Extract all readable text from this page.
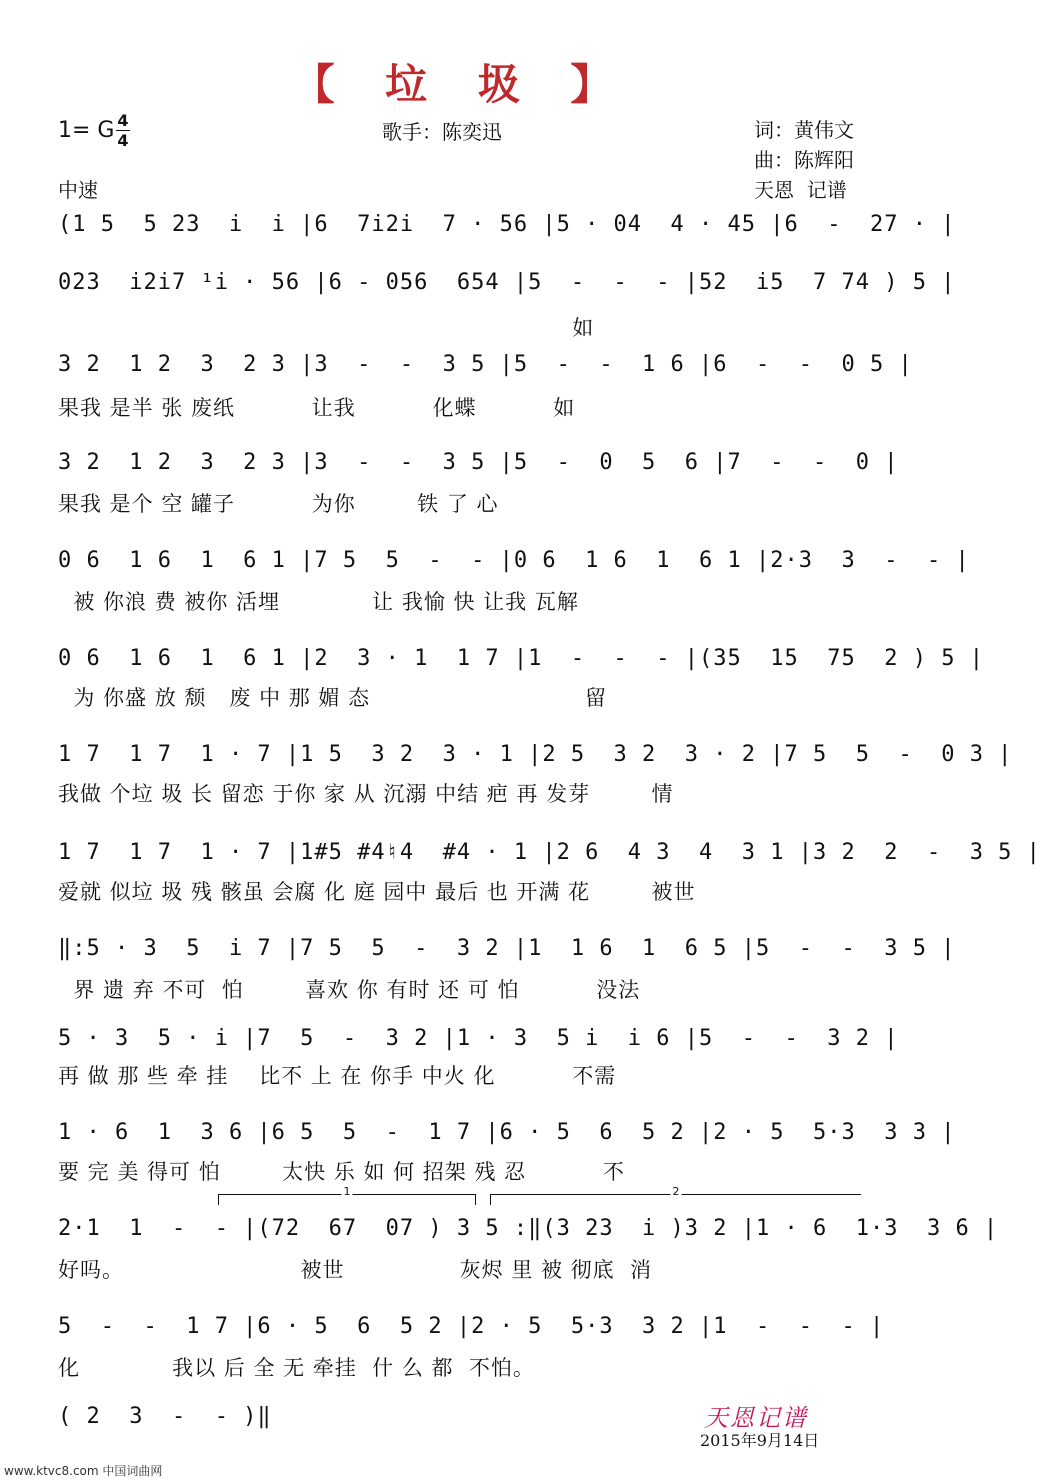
【 垃 圾 】
1= G 4
4	歌手：陈奕迅	词：黄伟文
曲：陈辉阳
天恩  记谱
中速
(1 5  5 23  i  i |6  7i2i  7 · 56 |5 · 04  4 · 45 |6  -  27 · |
023  i2i7 ¹i · 56 |6 - 056  654 |5  -  -  - |52  i5  7 74 ) 5 |
如
3 2  1 2  3  2 3 |3  -  -  3 5 |5  -  -  1 6 |6  -  -  0 5 |
果我 是半 张 废纸          让我          化蝶          如
3 2  1 2  3  2 3 |3  -  -  3 5 |5  -  0  5  6 |7  -  -  0 |
果我 是个 空 罐子          为你        铁 了 心
0 6  1 6  1  6 1 |7 5  5  -  - |0 6  1 6  1  6 1 |2·3  3  -  - |
被 你浪 费 被你 活埋            让 我愉 快 让我 瓦解
0 6  1 6  1  6 1 |2  3 · 1  1 7 |1  -  -  - |(35  15  75  2 ) 5 |
为 你盛 放 颓   废 中 那 媚 态                            留
1 7  1 7  1 · 7 |1 5  3 2  3 · 1 |2 5  3 2  3 · 2 |7 5  5  -  0 3 |
我做 个垃 圾 长 留恋 于你 家 从 沉溺 中结 疤 再 发芽        情
1 7  1 7  1 · 7 |1#5 #4♮4  #4 · 1 |2 6  4 3  4  3 1 |3 2  2  -  3 5 |
爱就 似垃 圾 残 骸虽 会腐 化 庭 园中 最后 也 开满 花        被世
‖:5 · 3  5  i 7 |7 5  5  -  3 2 |1  1 6  1  6 5 |5  -  -  3 5 |
界 遗 弃 不可  怕        喜欢 你 有时 还 可 怕          没法
5 · 3  5 · i |7  5  -  3 2 |1 · 3  5 i  i 6 |5  -  -  3 2 |
再 做 那 些 牵 挂    比不 上 在 你手 中火 化          不需
1 · 6  1  3 6 |6 5  5  -  1 7 |6 · 5  6  5 2 |2 · 5  5·3  3 3 |
要 完 美 得可 怕        太快 乐 如 何 招架 残 忍          不
1	2
2·1  1  -  - |(72  67  07 ) 3 5 :‖(3 23  i )3 2 |1 · 6  1·3  3 6 |
好吗。                       被世               灰烬 里 被 彻底  消
5  -  -  1 7 |6 · 5  6  5 2 |2 · 5  5·3  3 2 |1  -  -  - |
化            我以 后 全 无 牵挂  什 么 都  不怕。
( 2  3  -  - )‖	天恩记谱
2015年9月14日
www.ktvc8.com 中国词曲网
